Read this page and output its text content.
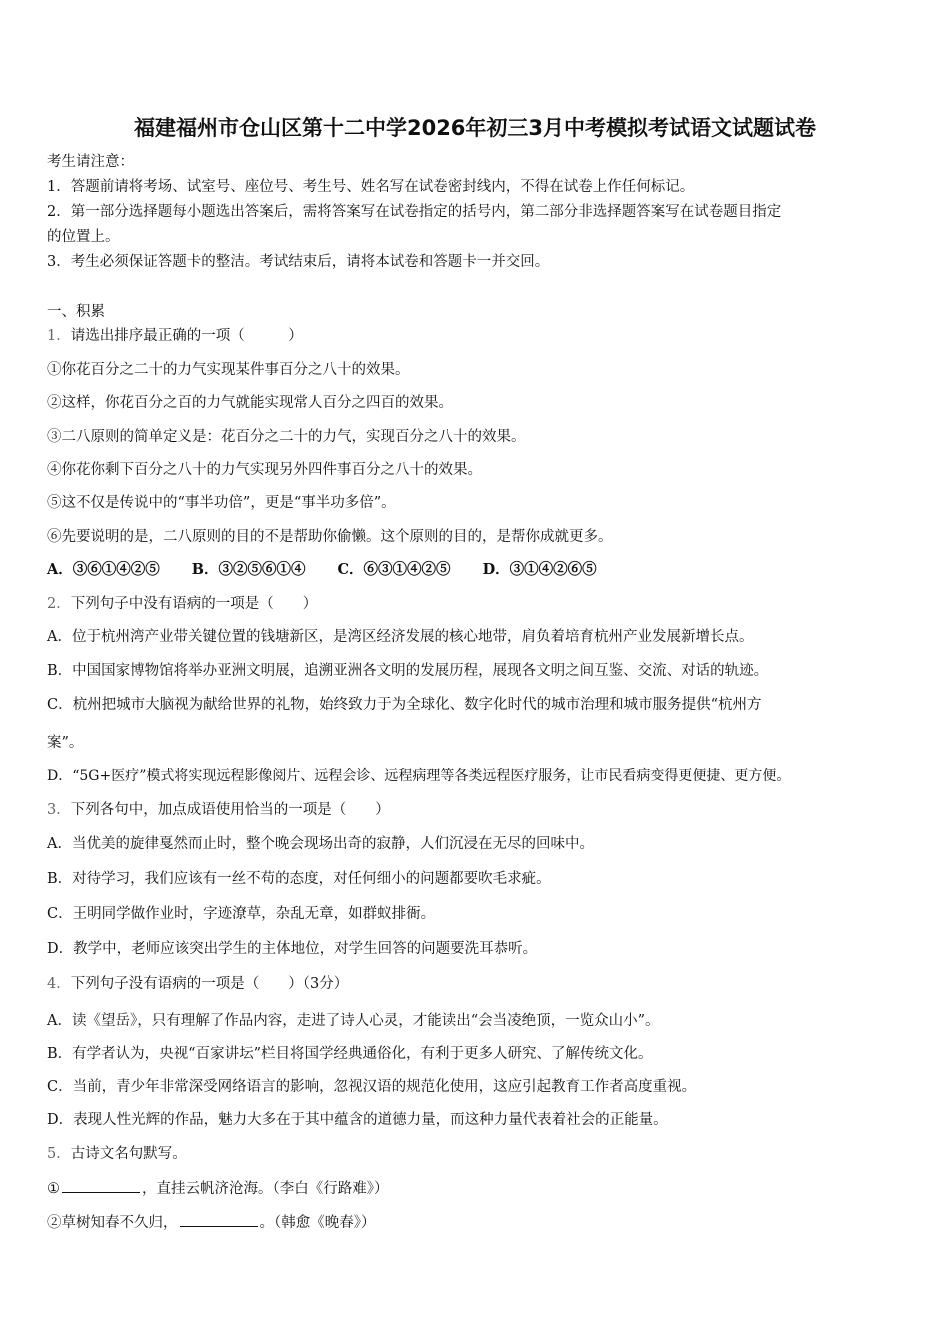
福建福州市仓山区第十二中学2026年初三3月中考模拟考试语文试题试卷
考生请注意：
1．答题前请将考场、试室号、座位号、考生号、姓名写在试卷密封线内，不得在试卷上作任何标记。
2．第一部分选择题每小题选出答案后，需将答案写在试卷指定的括号内，第二部分非选择题答案写在试卷题目指定
的位置上。
3．考生必须保证答题卡的整洁。考试结束后，请将本试卷和答题卡一并交回。
一、积累
1．请选出排序最正确的一项（　　　）
①你花百分之二十的力气实现某件事百分之八十的效果。
②这样，你花百分之百的力气就能实现常人百分之四百的效果。
③二八原则的简单定义是：花百分之二十的力气，实现百分之八十的效果。
④你花你剩下百分之八十的力气实现另外四件事百分之八十的效果。
⑤这不仅是传说中的“事半功倍”，更是“事半功多倍”。
⑥先要说明的是，二八原则的目的不是帮助你偷懒。这个原则的目的，是帮你成就更多。
A．③⑥①④②⑤ B．③②⑤⑥①④ C．⑥③①④②⑤ D．③①④②⑥⑤
2．下列句子中没有语病的一项是（　　）
A．位于杭州湾产业带关键位置的钱塘新区，是湾区经济发展的核心地带，肩负着培育杭州产业发展新增长点。
B．中国国家博物馆将举办亚洲文明展，追溯亚洲各文明的发展历程，展现各文明之间互鉴、交流、对话的轨迹。
C．杭州把城市大脑视为献给世界的礼物，始终致力于为全球化、数字化时代的城市治理和城市服务提供“杭州方
案”。
D．“5G+医疗”模式将实现远程影像阅片、远程会诊、远程病理等各类远程医疗服务，让市民看病变得更便捷、更方便。
3．下列各句中，加点成语使用恰当的一项是（　　）
A．当优美的旋律戛然而止时，整个晚会现场出奇的寂静，人们沉浸在无尽的回味中。
B．对待学习，我们应该有一丝不苟的态度，对任何细小的问题都要吹毛求疵。
C．王明同学做作业时，字迹潦草，杂乱无章，如群蚁排衙。
D．教学中，老师应该突出学生的主体地位，对学生回答的问题要洗耳恭听。
4．下列句子没有语病的一项是（　　）（3分）
A．读《望岳》，只有理解了作品内容，走进了诗人心灵，才能读出“会当凌绝顶，一览众山小”。
B．有学者认为，央视“百家讲坛”栏目将国学经典通俗化，有利于更多人研究、了解传统文化。
C．当前，青少年非常深受网络语言的影响，忽视汉语的规范化使用，这应引起教育工作者高度重视。
D．表现人性光辉的作品，魅力大多在于其中蕴含的道德力量，而这种力量代表着社会的正能量。
5．古诗文名句默写。
①	，直挂云帆济沧海。（李白《行路难》）
②草树知春不久归，	。（韩愈《晚春》）
